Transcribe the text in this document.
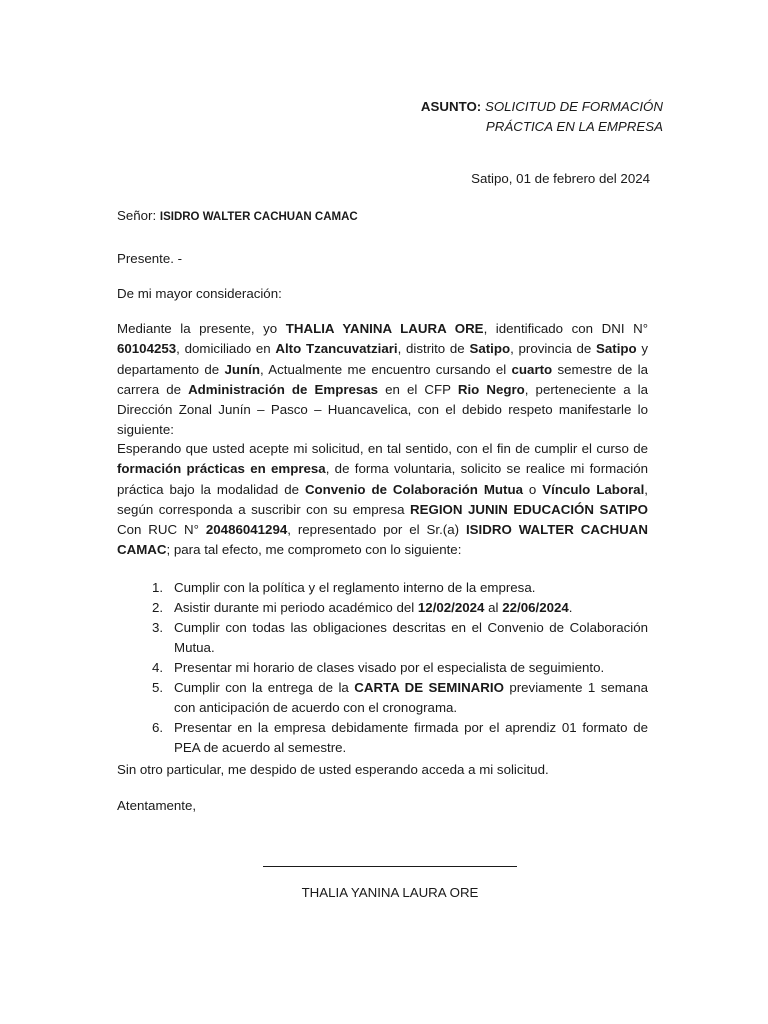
ASUNTO: SOLICITUD DE FORMACIÓN
PRÁCTICA EN LA EMPRESA
Satipo, 01 de febrero del 2024
Señor: ISIDRO WALTER CACHUAN CAMAC
Presente. -
De mi mayor consideración:
Mediante la presente, yo THALIA YANINA LAURA ORE, identificado con DNI N° 60104253, domiciliado en Alto Tzancuvatziari, distrito de Satipo, provincia de Satipo y departamento de Junín, Actualmente me encuentro cursando el cuarto semestre de la carrera de Administración de Empresas en el CFP Rio Negro, perteneciente a la Dirección Zonal Junín – Pasco – Huancavelica, con el debido respeto manifestarle lo siguiente:
Esperando que usted acepte mi solicitud, en tal sentido, con el fin de cumplir el curso de formación prácticas en empresa, de forma voluntaria, solicito se realice mi formación práctica bajo la modalidad de Convenio de Colaboración Mutua o Vínculo Laboral, según corresponda a suscribir con su empresa REGION JUNIN EDUCACIÓN SATIPO Con RUC N° 20486041294, representado por el Sr.(a) ISIDRO WALTER CACHUAN CAMAC; para tal efecto, me comprometo con lo siguiente:
1. Cumplir con la política y el reglamento interno de la empresa.
2. Asistir durante mi periodo académico del 12/02/2024 al 22/06/2024.
3. Cumplir con todas las obligaciones descritas en el Convenio de Colaboración Mutua.
4. Presentar mi horario de clases visado por el especialista de seguimiento.
5. Cumplir con la entrega de la CARTA DE SEMINARIO previamente 1 semana con anticipación de acuerdo con el cronograma.
6. Presentar en la empresa debidamente firmada por el aprendiz 01 formato de PEA de acuerdo al semestre.
Sin otro particular, me despido de usted esperando acceda a mi solicitud.
Atentamente,
THALIA YANINA LAURA ORE
